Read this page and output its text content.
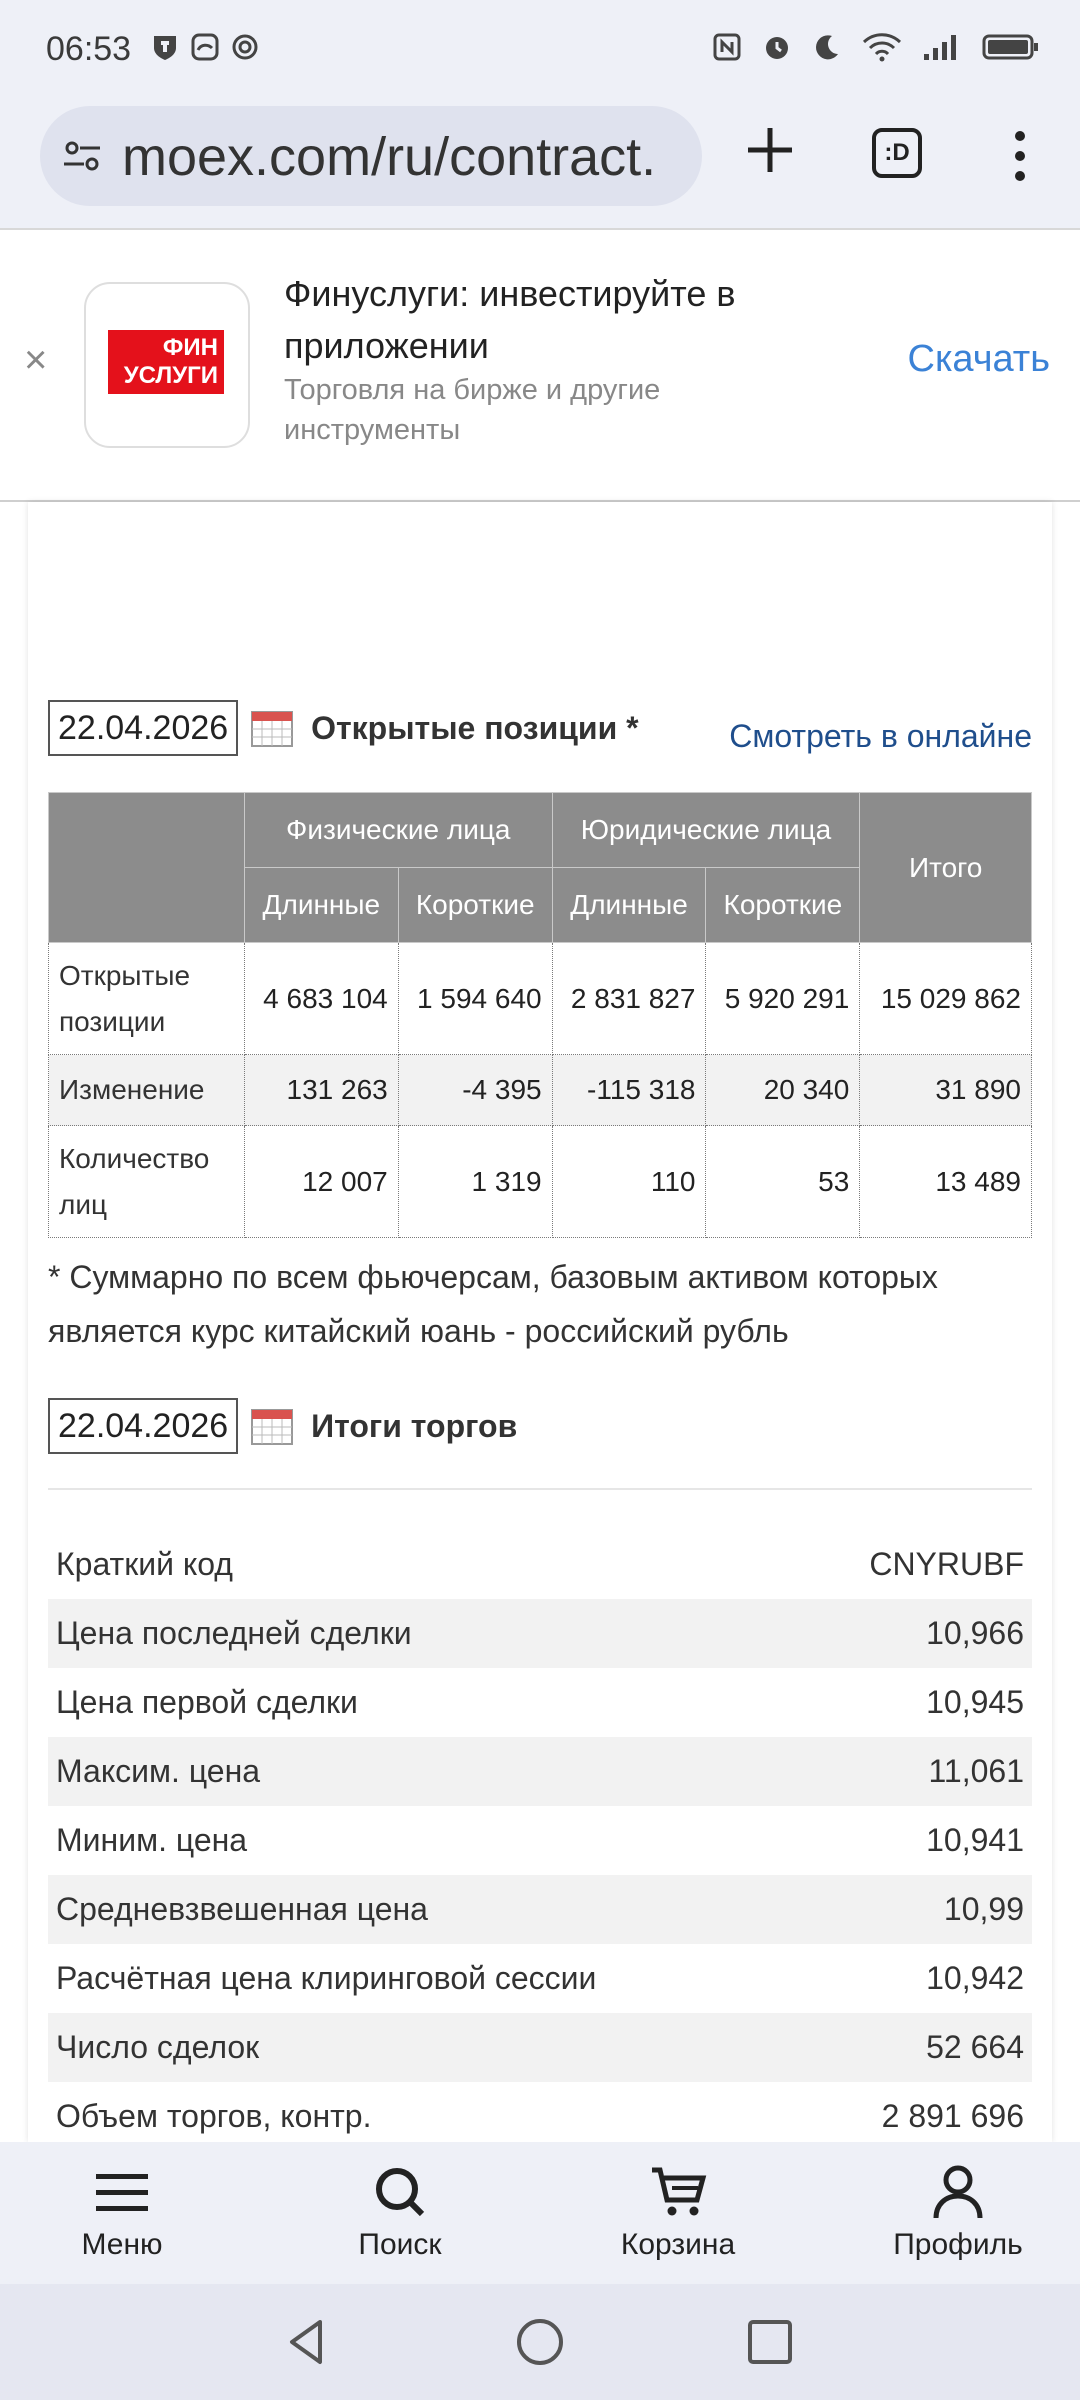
06:53
moex.com/ru/contract.	:D
×	ФИН
УСЛУГИ
Финуслуги: инвестируйте в приложении
Торговля на бирже и другие инструменты
Скачать
22.04.2026	Открытые позиции *	Смотреть в онлайне
	Физические лица		Юридические лица		Итого
	Длинные	Короткие	Длинные	Короткие	
Открытые позиции	4 683 104	1 594 640	2 831 827	5 920 291	15 029 862
Изменение	131 263	-4 395	-115 318	20 340	31 890
Количество лиц	12 007	1 319	110	53	13 489
* Суммарно по всем фьючерсам, базовым активом которых является курс китайский юань - российский рубль
22.04.2026	Итоги торгов
Краткий код	CNYRUBF
Цена последней сделки	10,966
Цена первой сделки	10,945
Максим. цена	11,061
Миним. цена	10,941
Средневзвешенная цена	10,99
Расчётная цена клиринговой сессии	10,942
Число сделок	52 664
Объем торгов, контр.	2 891 696
Меню	Поиск	Корзина	Профиль
